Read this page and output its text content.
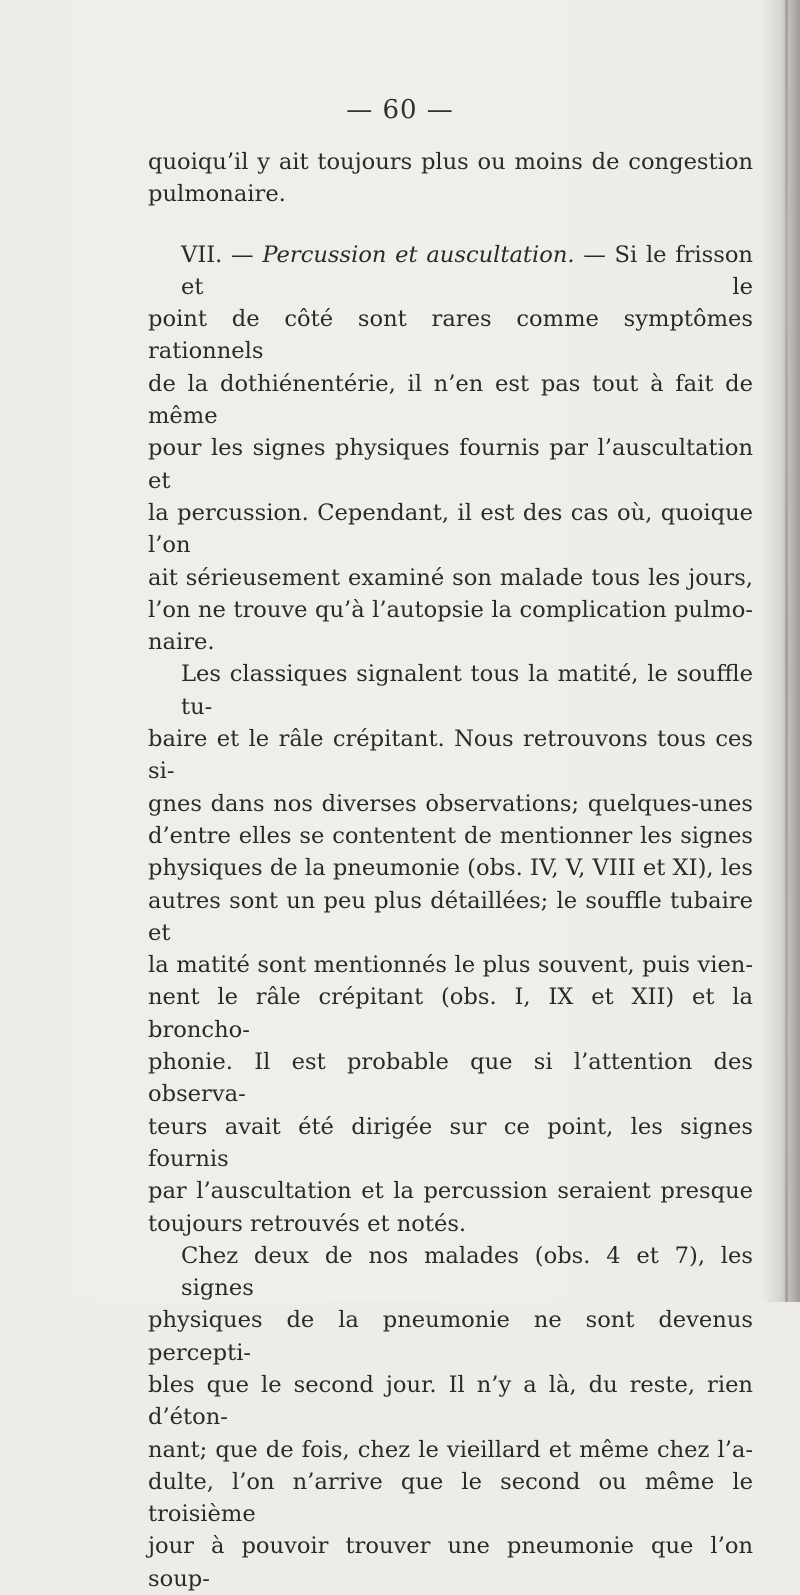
— 60 —
quoiqu’il y ait toujours plus ou moins de congestion
pulmonaire.
VII. — Percussion et auscultation. — Si le frisson et le
point de côté sont rares comme symptômes rationnels
de la dothiénentérie, il n’en est pas tout à fait de même
pour les signes physiques fournis par l’auscultation et
la percussion. Cependant, il est des cas où, quoique l’on
ait sérieusement examiné son malade tous les jours,
l’on ne trouve qu’à l’autopsie la complication pulmo-
naire.
Les classiques signalent tous la matité, le souffle tu-
baire et le râle crépitant. Nous retrouvons tous ces si-
gnes dans nos diverses observations; quelques-unes
d’entre elles se contentent de mentionner les signes
physiques de la pneumonie (obs. IV, V, VIII et XI), les
autres sont un peu plus détaillées; le souffle tubaire et
la matité sont mentionnés le plus souvent, puis vien-
nent le râle crépitant (obs. I, IX et XII) et la broncho-
phonie. Il est probable que si l’attention des observa-
teurs avait été dirigée sur ce point, les signes fournis
par l’auscultation et la percussion seraient presque
toujours retrouvés et notés.
Chez deux de nos malades (obs. 4 et 7), les signes
physiques de la pneumonie ne sont devenus percepti-
bles que le second jour. Il n’y a là, du reste, rien d’éton-
nant; que de fois, chez le vieillard et même chez l’a-
dulte, l’on n’arrive que le second ou même le troisième
jour à pouvoir trouver une pneumonie que l’on soup-
